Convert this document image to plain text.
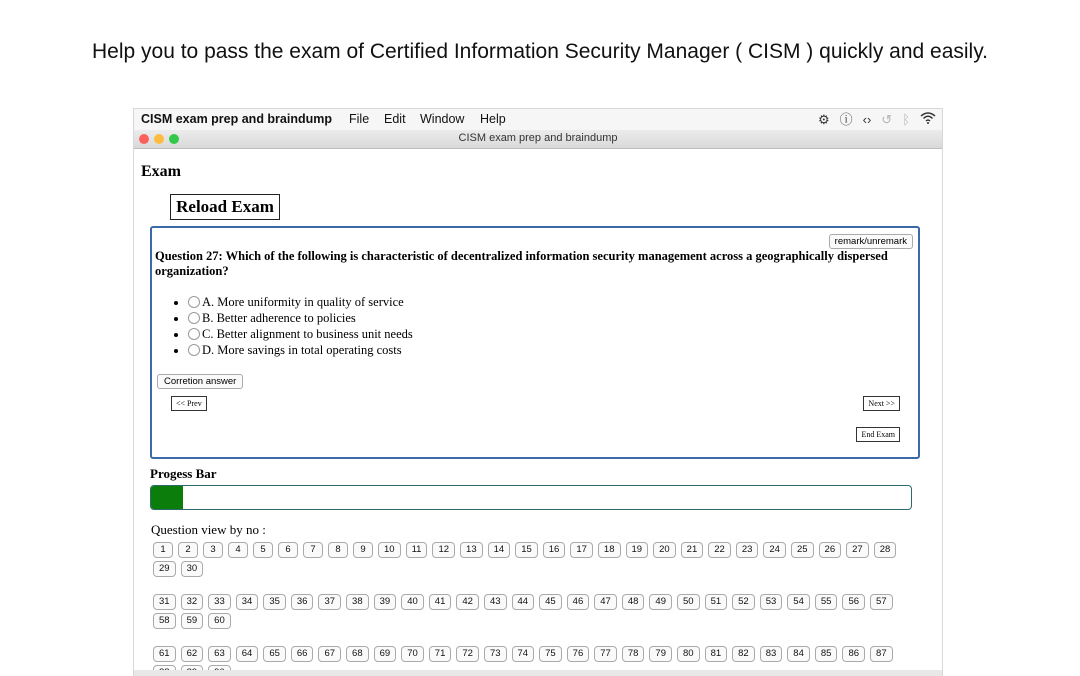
Help you to pass the exam of Certified Information Security Manager ( CISM ) quickly and easily.
CISM exam prep and braindump File Edit Window Help	⚙ ⓘ ‹› ↺ ᛒ
CISM exam prep and braindump
Exam
Reload Exam
remark/unremark
Question 27: Which of the following is characteristic of decentralized information security management across a geographically dispersed organization?
• A. More uniformity in quality of service
• B. Better adherence to policies
• C. Better alignment to business unit needs
• D. More savings in total operating costs
Corretion answer
<< Prev	Next >>
End Exam
Progess Bar
Question view by no :
1	2	3	4	5	6	7	8	9	10	11	12	13	14	15	16	17	18	19	20	21	22	23	24	25	26	27	28
29	30
31	32	33	34	35	36	37	38	39	40	41	42	43	44	45	46	47	48	49	50	51	52	53	54	55	56	57
58	59	60
61	62	63	64	65	66	67	68	69	70	71	72	73	74	75	76	77	78	79	80	81	82	83	84	85	86	87
